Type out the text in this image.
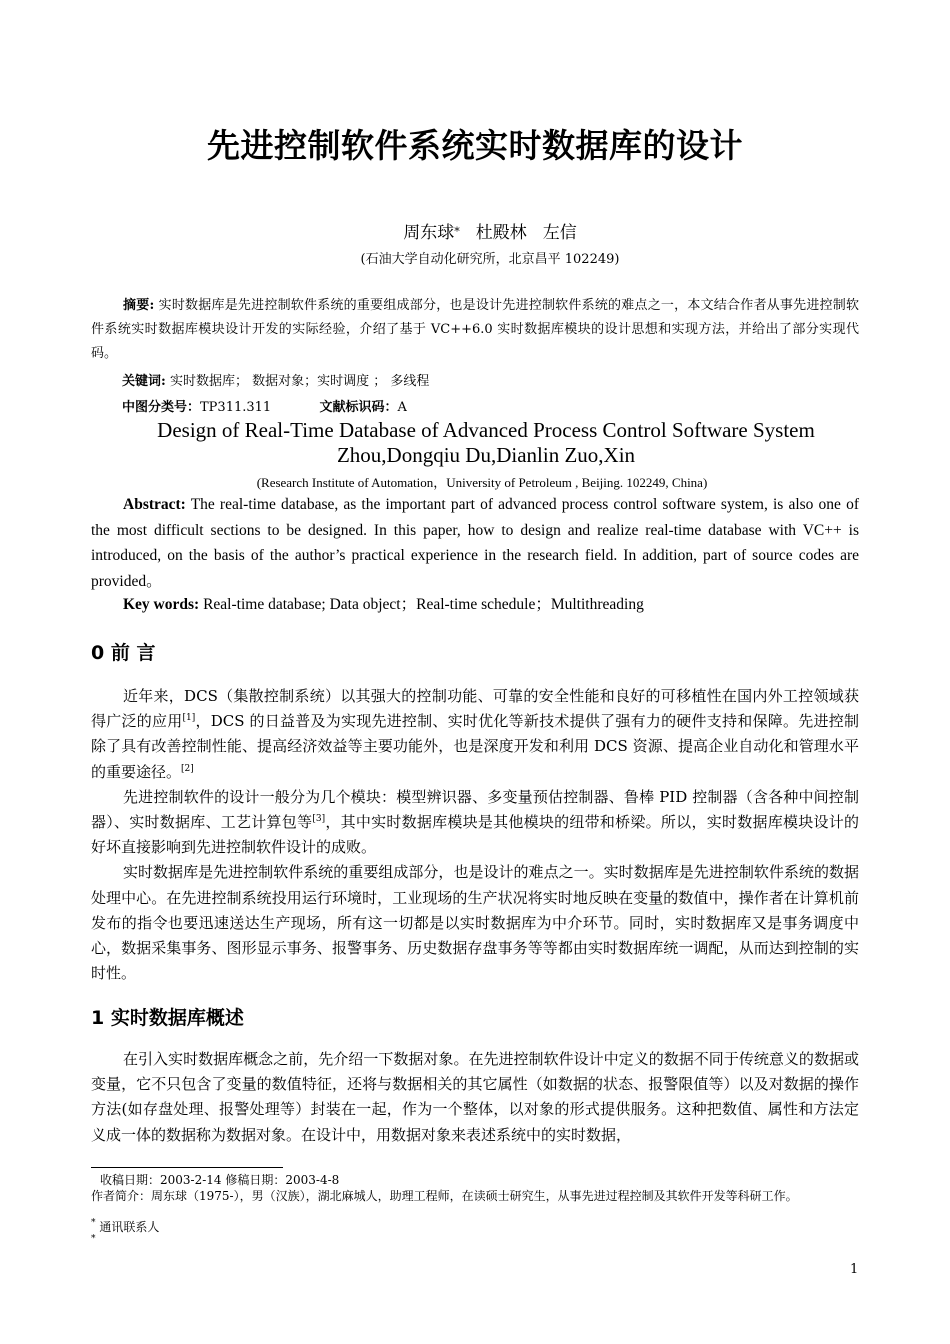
先进控制软件系统实时数据库的设计
周东球* 杜殿林 左信
(石油大学自动化研究所，北京昌平 102249)
摘要: 实时数据库是先进控制软件系统的重要组成部分，也是设计先进控制软件系统的难点之一，本文结合作者从事先进控制软件系统实时数据库模块设计开发的实际经验，介绍了基于 VC++6.0 实时数据库模块的设计思想和实现方法，并给出了部分实现代码。
关键词: 实时数据库； 数据对象；实时调度 ； 多线程
中图分类号：TP311.311	文献标识码：A
Design of Real-Time Database of Advanced Process Control Software System
Zhou,Dongqiu Du,Dianlin Zuo,Xin
(Research Institute of Automation，University of Petroleum , Beijing. 102249, China)
Abstract: The real-time database, as the important part of advanced process control software system, is also one of the most difficult sections to be designed. In this paper, how to design and realize real-time database with VC++ is introduced, on the basis of the author’s practical experience in the research field. In addition, part of source codes are provided。
Key words: Real-time database; Data object；Real-time schedule；Multithreading
0 前 言

近年来，DCS（集散控制系统）以其强大的控制功能、可靠的安全性能和良好的可移植性在国内外工控领域获得广泛的应用[1]，DCS 的日益普及为实现先进控制、实时优化等新技术提供了强有力的硬件支持和保障。先进控制除了具有改善控制性能、提高经济效益等主要功能外，也是深度开发和利用 DCS 资源、提高企业自动化和管理水平的重要途径。[2]

先进控制软件的设计一般分为几个模块：模型辨识器、多变量预估控制器、鲁棒 PID 控制器（含各种中间控制器）、实时数据库、工艺计算包等[3]，其中实时数据库模块是其他模块的纽带和桥梁。所以，实时数据库模块设计的好坏直接影响到先进控制软件设计的成败。

实时数据库是先进控制软件系统的重要组成部分，也是设计的难点之一。实时数据库是先进控制软件系统的数据处理中心。在先进控制系统投用运行环境时，工业现场的生产状况将实时地反映在变量的数值中，操作者在计算机前发布的指令也要迅速送达生产现场，所有这一切都是以实时数据库为中介环节。同时，实时数据库又是事务调度中心，数据采集事务、图形显示事务、报警事务、历史数据存盘事务等等都由实时数据库统一调配，从而达到控制的实时性。

1 实时数据库概述

在引入实时数据库概念之前，先介绍一下数据对象。在先进控制软件设计中定义的数据不同于传统意义的数据或变量，它不只包含了变量的数值特征，还将与数据相关的其它属性（如数据的状态、报警限值等）以及对数据的操作方法(如存盘处理、报警处理等）封装在一起，作为一个整体，以对象的形式提供服务。这种把数值、属性和方法定义成一体的数据称为数据对象。在设计中，用数据对象来表述系统中的实时数据，

收稿日期：2003-2-14 修稿日期：2003-4-8
作者简介：周东球（1975-），男（汉族），湖北麻城人，助理工程师，在读硕士研究生，从事先进过程控制及其软件开发等科研工作。
* 通讯联系人
*
1
